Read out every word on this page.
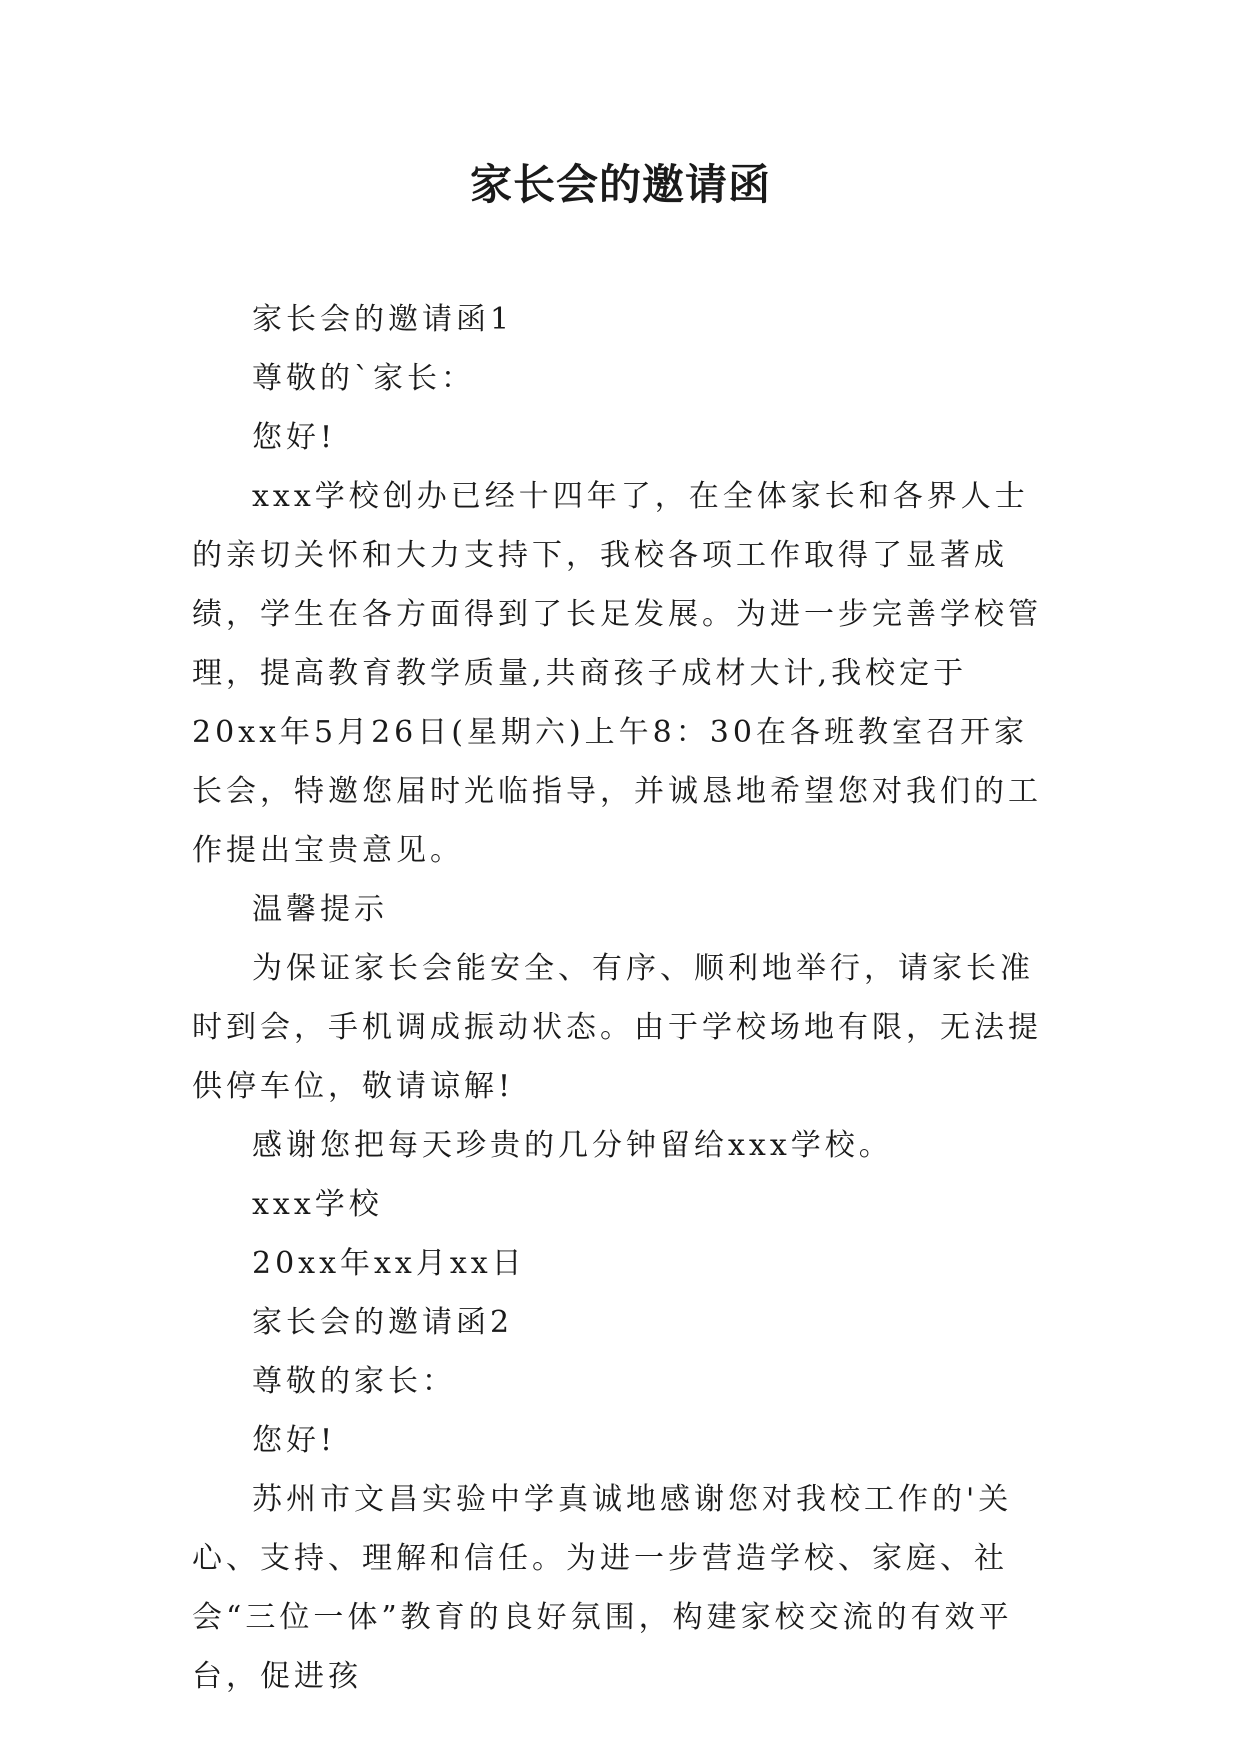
家长会的邀请函

家长会的邀请函1

尊敬的`家长：

您好!

xxx学校创办已经十四年了，在全体家长和各界人士的亲切关怀和大力支持下，我校各项工作取得了显著成绩，学生在各方面得到了长足发展。为进一步完善学校管理，提高教育教学质量,共商孩子成材大计,我校定于20xx年5月26日(星期六)上午8：30在各班教室召开家长会，特邀您届时光临指导，并诚恳地希望您对我们的工作提出宝贵意见。

温馨提示

为保证家长会能安全、有序、顺利地举行，请家长准时到会，手机调成振动状态。由于学校场地有限，无法提供停车位，敬请谅解!

感谢您把每天珍贵的几分钟留给xxx学校。

xxx学校

20xx年xx月xx日

家长会的邀请函2

尊敬的家长：

您好!

苏州市文昌实验中学真诚地感谢您对我校工作的'关心、支持、理解和信任。为进一步营造学校、家庭、社会“三位一体”教育的良好氛围，构建家校交流的有效平台，促进孩
